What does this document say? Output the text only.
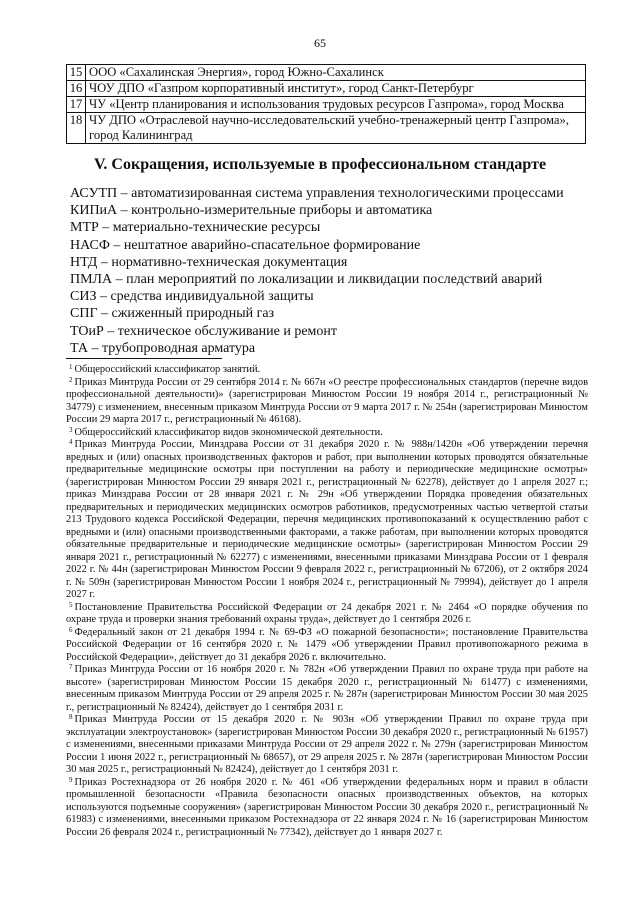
65
15	ООО «Сахалинская Энергия», город Южно-Сахалинск
16	ЧОУ ДПО «Газпром корпоративный институт», город Санкт-Петербург
17	ЧУ «Центр планирования и использования трудовых ресурсов Газпрома», город Москва
18	ЧУ ДПО «Отраслевой научно-исследовательский учебно-тренажерный центр Газпрома», город Калининград
V. Сокращения, используемые в профессиональном стандарте
АСУТП – автоматизированная система управления технологическими процессами
КИПиА – контрольно-измерительные приборы и автоматика
МТР – материально-технические ресурсы
НАСФ – нештатное аварийно-спасательное формирование
НТД – нормативно-техническая документация
ПМЛА – план мероприятий по локализации и ликвидации последствий аварий
СИЗ – средства индивидуальной защиты
СПГ – сжиженный природный газ
ТОиР – техническое обслуживание и ремонт
ТА – трубопроводная арматура
$^1$ Общероссийский классификатор занятий.
$^2$ Приказ Минтруда России от 29 сентября 2014 г. № 667н «О реестре профессиональных стандартов (перечне видов профессиональной деятельности)» (зарегистрирован Минюстом России 19 ноября 2014 г., регистрационный № 34779) с изменением, внесенным приказом Минтруда России от 9 марта 2017 г. № 254н (зарегистрирован Минюстом России 29 марта 2017 г., регистрационный № 46168).
$^3$ Общероссийский классификатор видов экономической деятельности.
$^4$ Приказ Минтруда России, Минздрава России от 31 декабря 2020 г. № 988н/1420н «Об утверждении перечня вредных и (или) опасных производственных факторов и работ, при выполнении которых проводятся обязательные предварительные медицинские осмотры при поступлении на работу и периодические медицинские осмотры» (зарегистрирован Минюстом России 29 января 2021 г., регистрационный № 62278), действует до 1 апреля 2027 г.; приказ Минздрава России от 28 января 2021 г. № 29н «Об утверждении Порядка проведения обязательных предварительных и периодических медицинских осмотров работников, предусмотренных частью четвертой статьи 213 Трудового кодекса Российской Федерации, перечня медицинских противопоказаний к осуществлению работ с вредными и (или) опасными производственными факторами, а также работам, при выполнении которых проводятся обязательные предварительные и периодические медицинские осмотры» (зарегистрирован Минюстом России 29 января 2021 г., регистрационный № 62277) с изменениями, внесенными приказами Минздрава России от 1 февраля 2022 г. № 44н (зарегистрирован Минюстом России 9 февраля 2022 г., регистрационный № 67206), от 2 октября 2024 г. № 509н (зарегистрирован Минюстом России 1 ноября 2024 г., регистрационный № 79994), действует до 1 апреля 2027 г.
$^5$ Постановление Правительства Российской Федерации от 24 декабря 2021 г. № 2464 «О порядке обучения по охране труда и проверки знания требований охраны труда», действует до 1 сентября 2026 г.
$^6$ Федеральный закон от 21 декабря 1994 г. № 69-ФЗ «О пожарной безопасности»; постановление Правительства Российской Федерации от 16 сентября 2020 г. № 1479 «Об утверждении Правил противопожарного режима в Российской Федерации», действует до 31 декабря 2026 г. включительно.
$^7$ Приказ Минтруда России от 16 ноября 2020 г. № 782н «Об утверждении Правил по охране труда при работе на высоте» (зарегистрирован Минюстом России 15 декабря 2020 г., регистрационный № 61477) с изменениями, внесенным приказом Минтруда России от 29 апреля 2025 г. № 287н (зарегистрирован Минюстом России 30 мая 2025 г., регистрационный № 82424), действует до 1 сентября 2031 г.
$^8$ Приказ Минтруда России от 15 декабря 2020 г. № 903н «Об утверждении Правил по охране труда при эксплуатации электроустановок» (зарегистрирован Минюстом России 30 декабря 2020 г., регистрационный № 61957) с изменениями, внесенными приказами Минтруда России от 29 апреля 2022 г. № 279н (зарегистрирован Минюстом России 1 июня 2022 г., регистрационный № 68657), от 29 апреля 2025 г. № 287н (зарегистрирован Минюстом России 30 мая 2025 г., регистрационный № 82424), действует до 1 сентября 2031 г.
$^9$ Приказ Ростехнадзора от 26 ноября 2020 г. № 461 «Об утверждении федеральных норм и правил в области промышленной безопасности «Правила безопасности опасных производственных объектов, на которых используются подъемные сооружения» (зарегистрирован Минюстом России 30 декабря 2020 г., регистрационный № 61983) с изменениями, внесенными приказом Ростехнадзора от 22 января 2024 г. № 16 (зарегистрирован Минюстом России 26 февраля 2024 г., регистрационный № 77342), действует до 1 января 2027 г.
